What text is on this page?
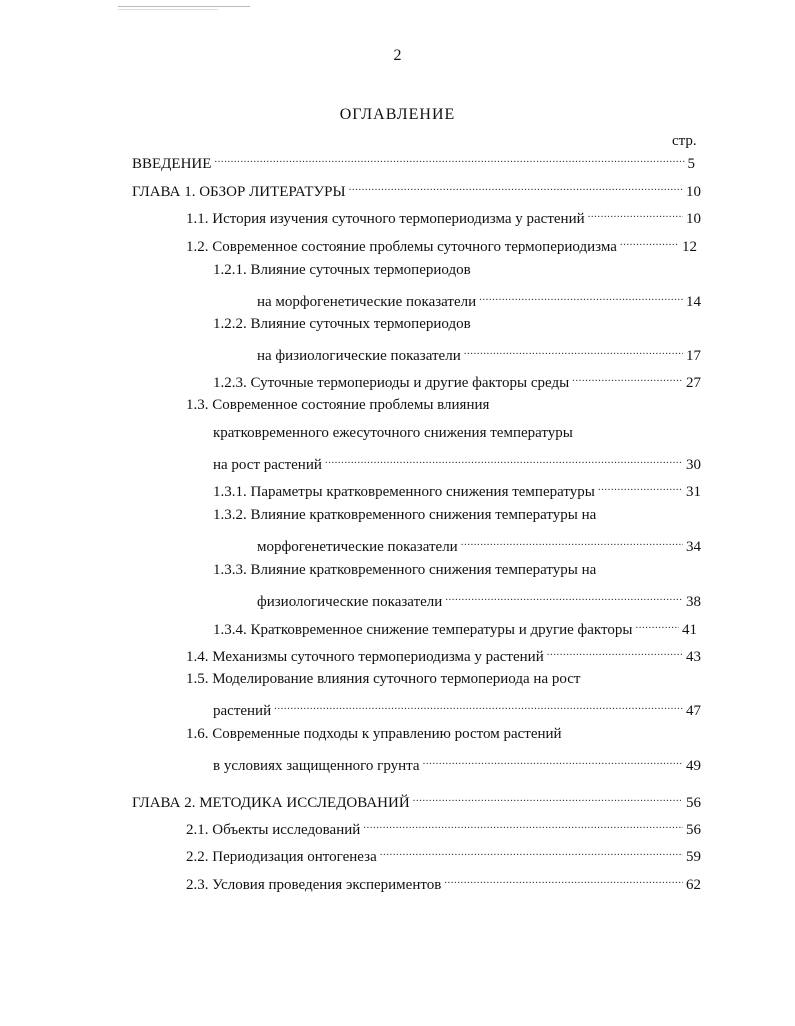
2
ОГЛАВЛЕНИЕ
стр.
ВВЕДЕНИЕ .....	5
ГЛАВА 1. ОБЗОР ЛИТЕРАТУРЫ .....	10
1.1. История изучения суточного термопериодизма у растений .....	10
1.2. Современное состояние проблемы суточного термопериодизма .....	12
1.2.1. Влияние суточных термопериодов
на морфогенетические показатели .....	14
1.2.2. Влияние суточных термопериодов
на физиологические показатели .....	17
1.2.3. Суточные термопериоды и другие факторы среды .....	27
1.3. Современное состояние проблемы влияния
кратковременного ежесуточного снижения температуры
на рост растений .....	30
1.3.1. Параметры кратковременного снижения температуры .....	31
1.3.2. Влияние кратковременного снижения температуры на
морфогенетические показатели .....	34
1.3.3. Влияние кратковременного снижения температуры на
физиологические показатели .....	38
1.3.4. Кратковременное снижение температуры и другие факторы .....	41
1.4. Механизмы суточного термопериодизма у растений .....	43
1.5. Моделирование влияния суточного термопериода на рост
растений .....	47
1.6. Современные подходы к управлению ростом растений
в условиях защищенного грунта .....	49
ГЛАВА 2. МЕТОДИКА ИССЛЕДОВАНИЙ .....	56
2.1. Объекты исследований .....	56
2.2. Периодизация онтогенеза .....	59
2.3. Условия проведения экспериментов .....	62
